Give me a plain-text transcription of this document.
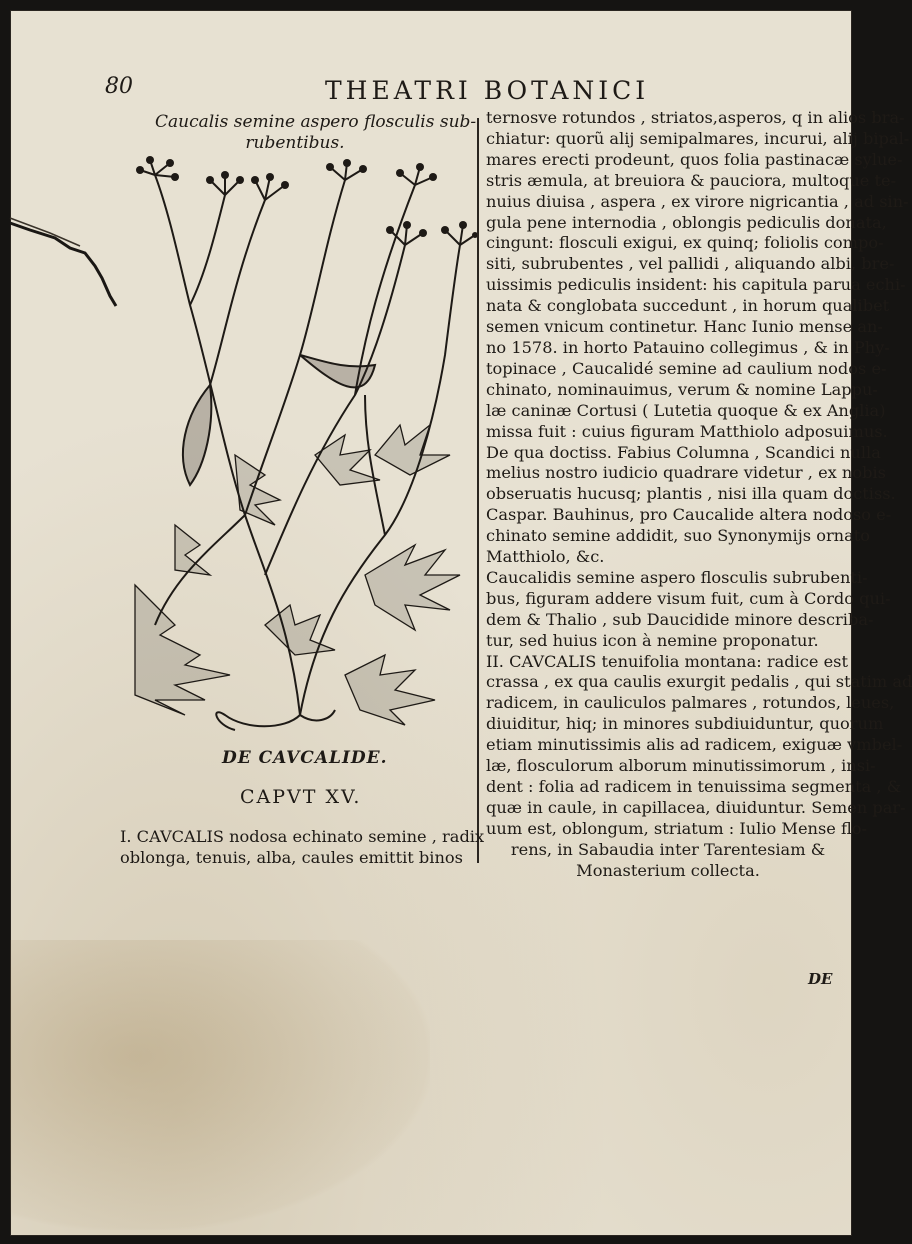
80	THEATRI BOTANICI
Caucalis semine aspero flosculis sub-
rubentibus.
DE CAVCALIDE.
CAPVT XV.
I. CAVCALIS nodosa echinato semine , radix
oblonga, tenuis, alba, caules emittit binos
ternosve rotundos , striatos,asperos, q in alios bra-
chiatur: quorũ alij semipalmares, incurui, alij bipal-
mares erecti prodeunt, quos folia pastinacæ sylue-
stris æmula, at breuiora & pauciora, multoque te-
nuius diuisa , aspera , ex virore nigricantia , ad sin-
gula pene internodia , oblongis pediculis donata,
cingunt: flosculi exigui, ex quinq; foliolis compo-
siti, subrubentes , vel pallidi , aliquando albi, bre-
uissimis pediculis insident: his capitula parua echi-
nata & conglobata succedunt , in horum qualibet
semen vnicum continetur. Hanc Iunio mense an-
no 1578. in horto Patauino collegimus , & in Phy-
topinace , Caucalidé semine ad caulium nodos e-
chinato, nominauimus, verum & nomine Lappu-
læ caninæ Cortusi ( Lutetia quoque & ex Anglia)
missa fuit : cuius figuram Matthiolo adposuimus.
De qua doctiss. Fabius Columna , Scandici nulla
melius nostro iudicio quadrare videtur , ex nobis
obseruatis hucusq; plantis , nisi illa quam doctiss.
Caspar. Bauhinus, pro Caucalide altera nodoso e-
chinato semine addidit, suo Synonymijs ornato
Matthiolo, &c.
Caucalidis semine aspero flosculis subrubenti-
bus, figuram addere visum fuit, cum à Cordo qui-
dem & Thalio , sub Daucidide minore describa-
tur, sed huius icon à nemine proponatur.
II. CAVCALIS tenuifolia montana: radice est
crassa , ex qua caulis exurgit pedalis , qui statim ad
radicem, in cauliculos palmares , rotundos, leues,
diuiditur, hiq; in minores subdiuiduntur, quorum
etiam minutissimis alis ad radicem, exiguæ vmbel-
læ, flosculorum alborum minutissimorum , insi-
dent : folia ad radicem in tenuissima segmenta , &
quæ in caule, in capillacea, diuiduntur. Semen par-
uum est, oblongum, striatum : Iulio Mense flo-
rens, in Sabaudia inter Tarentesiam &
Monasterium collecta.
DE
